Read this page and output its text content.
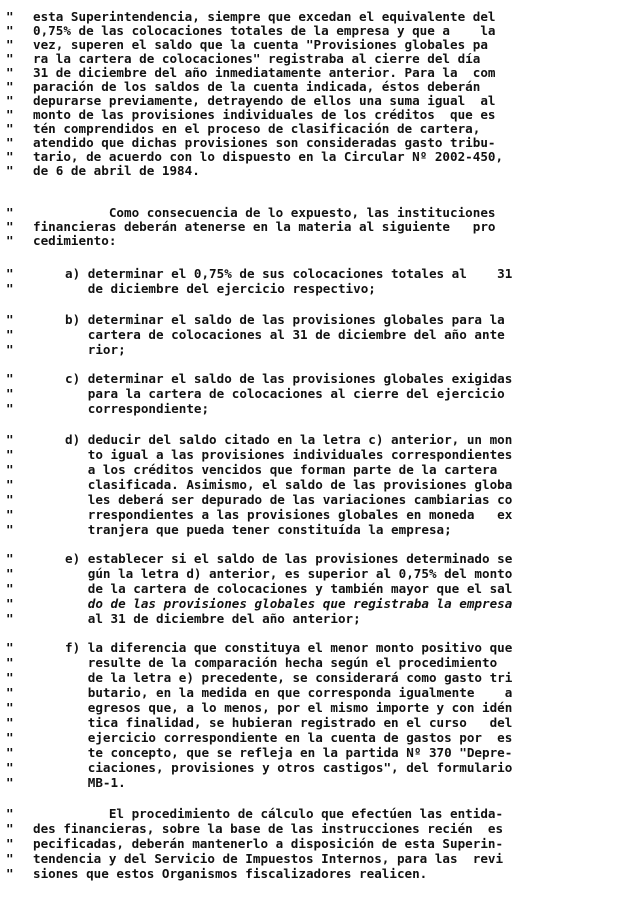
"	esta Superintendencia, siempre que excedan el equivalente del
"	0,75% de las colocaciones totales de la empresa y que a    la
"	vez, superen el saldo que la cuenta "Provisiones globales pa
"	ra la cartera de colocaciones" registraba al cierre del día
"	31 de diciembre del año inmediatamente anterior. Para la  com
"	paración de los saldos de la cuenta indicada, éstos deberán
"	depurarse previamente, detrayendo de ellos una suma igual  al
"	monto de las provisiones individuales de los créditos  que es
"	tén comprendidos en el proceso de clasificación de cartera,
"	atendido que dichas provisiones son consideradas gasto tribu-
"	tario, de acuerdo con lo dispuesto en la Circular Nº 2002-450,
"	de 6 de abril de 1984.
"	Como consecuencia de lo expuesto, las instituciones
"	financieras deberán atenerse en la materia al siguiente   pro
"	cedimiento:
"	a) determinar el 0,75% de sus colocaciones totales al    31
"	de diciembre del ejercicio respectivo;
"	b) determinar el saldo de las provisiones globales para la
"	cartera de colocaciones al 31 de diciembre del año ante
"	rior;
"	c) determinar el saldo de las provisiones globales exigidas
"	para la cartera de colocaciones al cierre del ejercicio
"	correspondiente;
"	d) deducir del saldo citado en la letra c) anterior, un mon
"	to igual a las provisiones individuales correspondientes
"	a los créditos vencidos que forman parte de la cartera
"	clasificada. Asimismo, el saldo de las provisiones globa
"	les deberá ser depurado de las variaciones cambiarias co
"	rrespondientes a las provisiones globales en moneda   ex
"	tranjera que pueda tener constituída la empresa;
"	e) establecer si el saldo de las provisiones determinado se
"	gún la letra d) anterior, es superior al 0,75% del monto
"	de la cartera de colocaciones y también mayor que el sal
"	do de las provisiones globales que registraba la empresa
"	al 31 de diciembre del año anterior;
"	f) la diferencia que constituya el menor monto positivo que
"	resulte de la comparación hecha según el procedimiento
"	de la letra e) precedente, se considerará como gasto tri
"	butario, en la medida en que corresponda igualmente    a
"	egresos que, a lo menos, por el mismo importe y con idén
"	tica finalidad, se hubieran registrado en el curso   del
"	ejercicio correspondiente en la cuenta de gastos por  es
"	te concepto, que se refleja en la partida Nº 370 "Depre-
"	ciaciones, provisiones y otros castigos", del formulario
"	MB-1.
"	El procedimiento de cálculo que efectúen las entida-
"	des financieras, sobre la base de las instrucciones recién  es
"	pecificadas, deberán mantenerlo a disposición de esta Superin-
"	tendencia y del Servicio de Impuestos Internos, para las  revi
"	siones que estos Organismos fiscalizadores realicen.
